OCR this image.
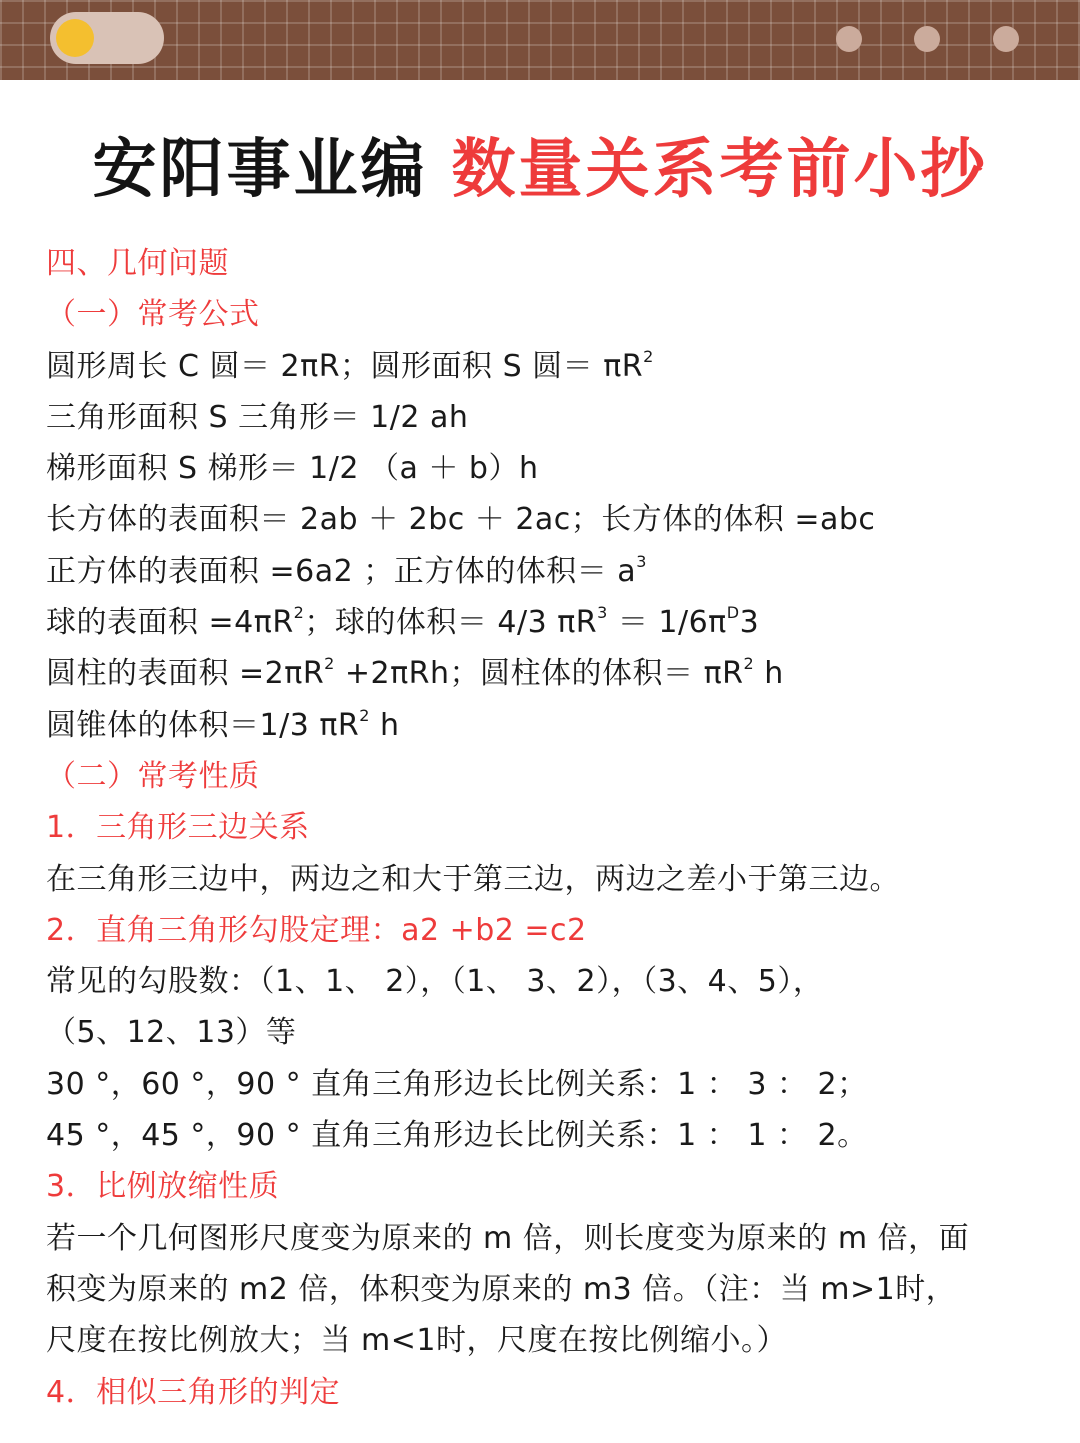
安阳事业编 数量关系考前小抄
四、几何问题
（一）常考公式
圆形周长 C 圆＝ 2πR；圆形面积 S 圆＝ $\pi R^2$
三角形面积 S 三角形＝ 1/2 ah
梯形面积 S 梯形＝ 1/2 （a ＋ b）h
长方体的表面积＝ 2ab ＋ 2bc ＋ 2ac；长方体的体积 =abc
正方体的表面积 =6a2 ；正方体的体积＝ $a^3$
球的表面积 $=4\pi R^2$；球的体积＝ 4/3 $\pi R^3 = 1/6\pi^D3$
圆柱的表面积 $=2\pi R^2 +2\pi Rh$；圆柱体的体积＝ $\pi R^2$ h
圆锥体的体积＝1/3 $\pi R^2$ h
（二）常考性质
1．三角形三边关系
在三角形三边中，两边之和大于第三边，两边之差小于第三边。
2．直角三角形勾股定理：a2 +b2 =c2
常见的勾股数：（1、1、 2），（1、 3、2），（3、4、5），
（5、12、13）等
30 °，60 °，90 ° 直角三角形边长比例关系：1 ： 3 ： 2；
45 °，45 °，90 ° 直角三角形边长比例关系：1 ： 1 ： 2。
3．比例放缩性质
若一个几何图形尺度变为原来的 m 倍，则长度变为原来的 m 倍，面
积变为原来的 m2 倍，体积变为原来的 m3 倍。（注：当 m>1时，
尺度在按比例放大；当 m<1时，尺度在按比例缩小。）
4．相似三角形的判定
